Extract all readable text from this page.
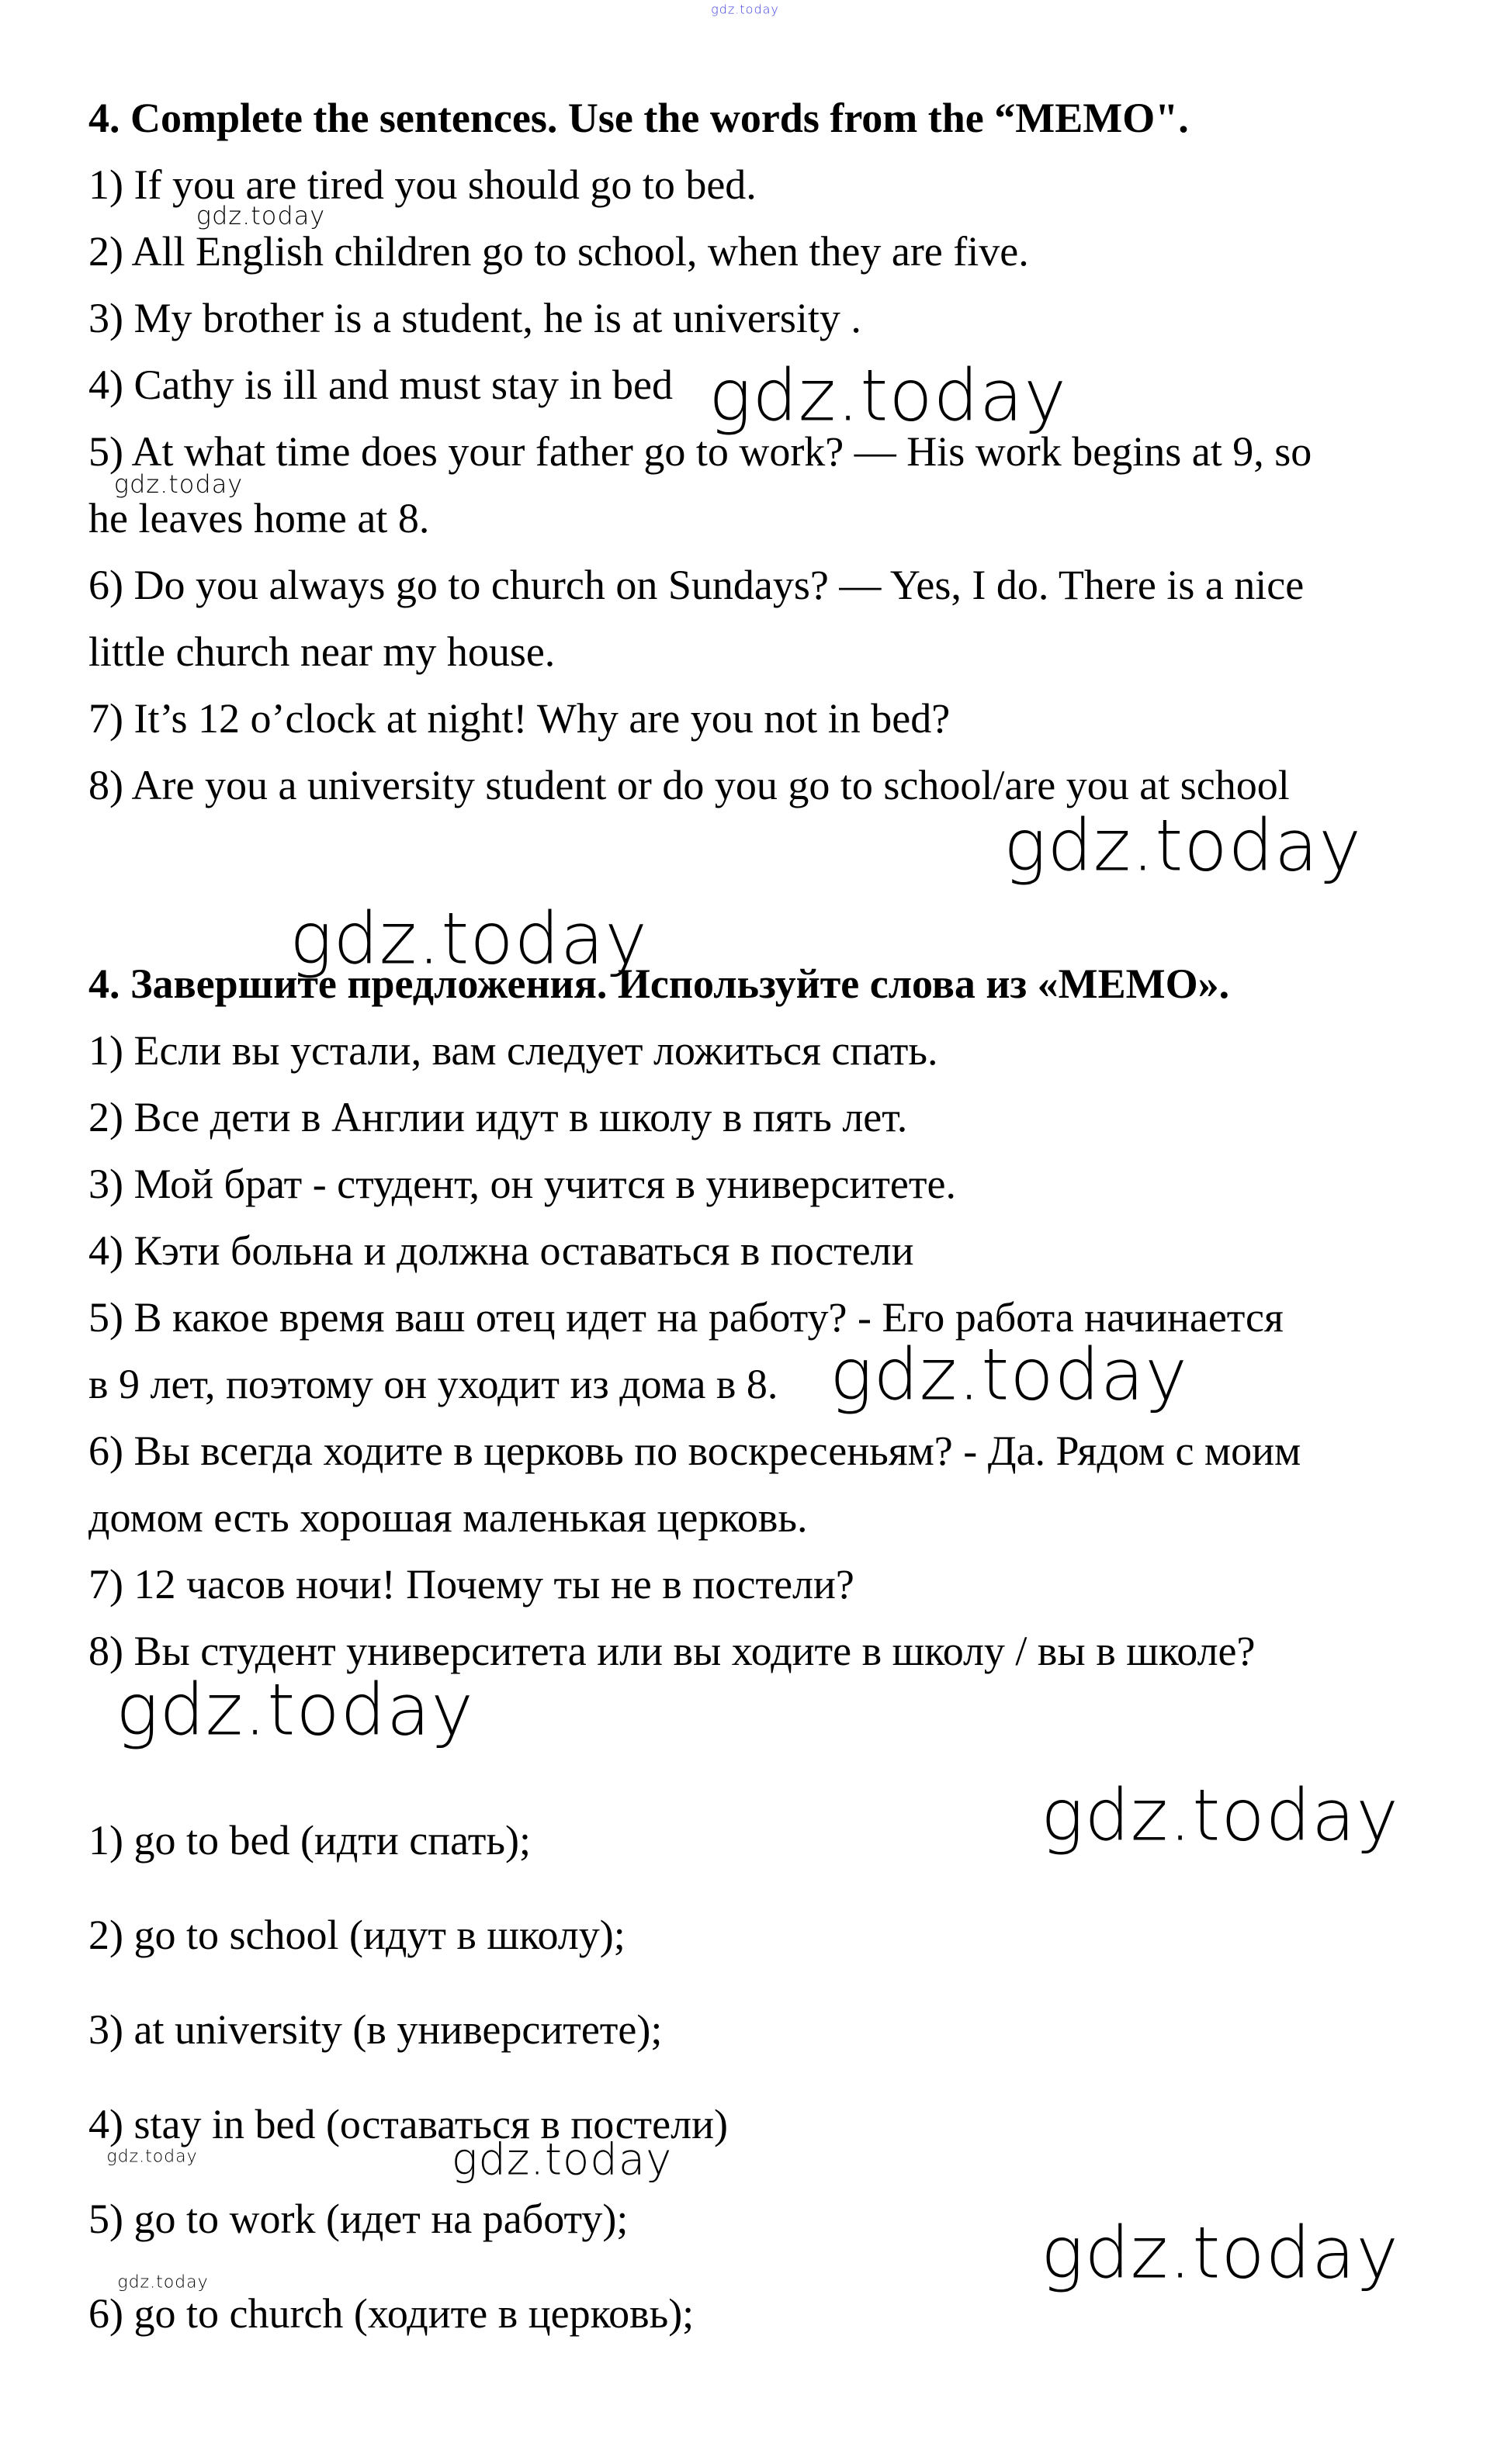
4. Complete the sentences. Use the words from the “MEMO".
1) If you are tired you should go to bed.
2) All English children go to school, when they are five.
3) My brother is a student, he is at university .
4) Cathy is ill and must stay in bed
5) At what time does your father go to work? — His work begins at 9, so
he leaves home at 8.
6) Do you always go to church on Sundays? — Yes, I do. There is a nice
little church near my house.
7) It’s 12 o’clock at night! Why are you not in bed?
8) Are you a university student or do you go to school/are you at school
4. Завершите предложения. Используйте слова из «МЕМО».
1) Если вы устали, вам следует ложиться спать.
2) Все дети в Англии идут в школу в пять лет.
3) Мой брат - студент, он учится в университете.
4) Кэти больна и должна оставаться в постели
5) В какое время ваш отец идет на работу? - Его работа начинается
в 9 лет, поэтому он уходит из дома в 8.
6) Вы всегда ходите в церковь по воскресеньям? - Да. Рядом с моим
домом есть хорошая маленькая церковь.
7) 12 часов ночи! Почему ты не в постели?
8) Вы студент университета или вы ходите в школу / вы в школе?
1) go to bed (идти спать);
2) go to school (идут в школу);
3) at university (в университете);
4) stay in bed (оставаться в постели)
5) go to work (идет на работу);
6) go to church (ходите в церковь);
gdz.today
gdz.today
gdz.today
gdz.today
gdz.today
gdz.today
gdz.today
gdz.today
gdz.today
gdz.today	gdz.today
gdz.today
gdz.today
